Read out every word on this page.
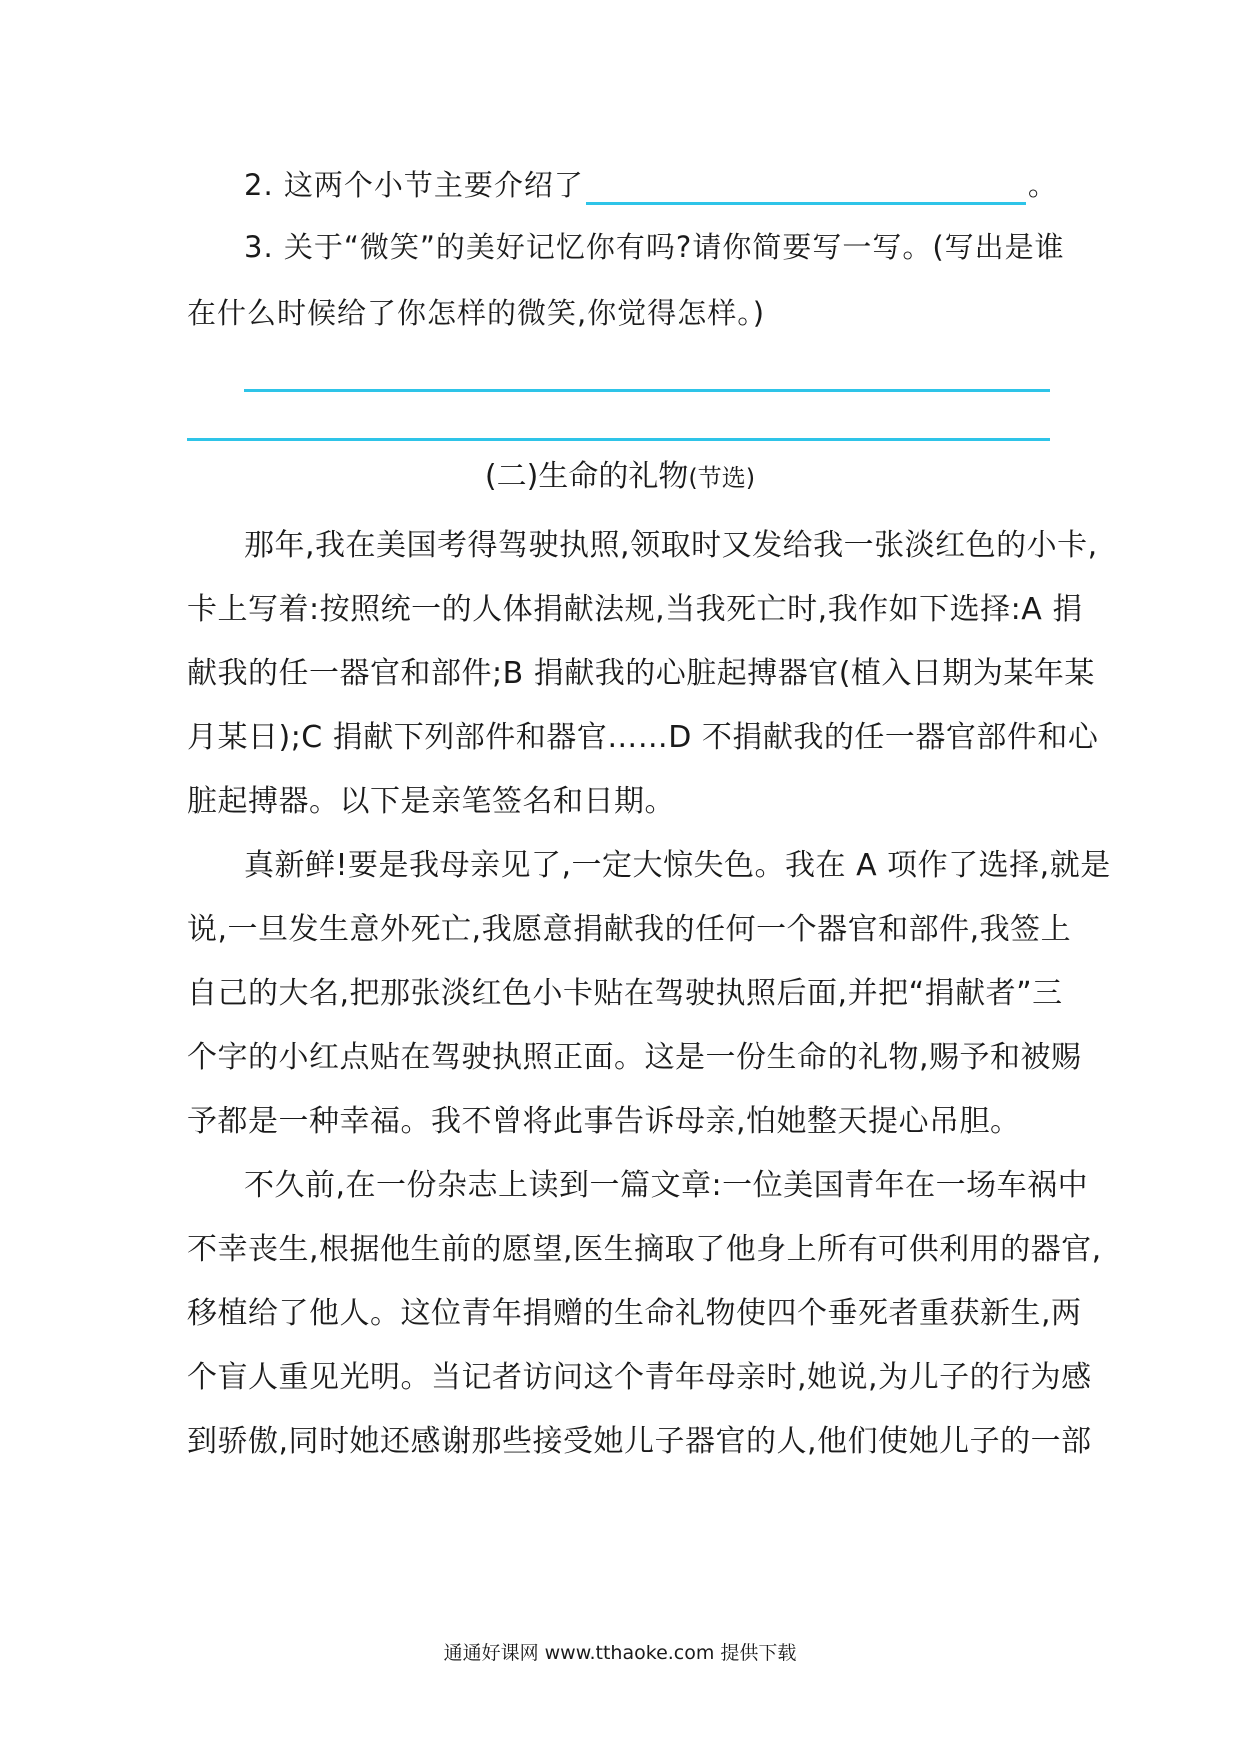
2. 这两个小节主要介绍了	。
3. 关于“微笑”的美好记忆你有吗?请你简要写一写。(写出是谁
在什么时候给了你怎样的微笑,你觉得怎样。)
(二)生命的礼物(节选)
那年,我在美国考得驾驶执照,领取时又发给我一张淡红色的小卡,
卡上写着:按照统一的人体捐献法规,当我死亡时,我作如下选择:A 捐
献我的任一器官和部件;B 捐献我的心脏起搏器官(植入日期为某年某
月某日);C 捐献下列部件和器官……D 不捐献我的任一器官部件和心
脏起搏器。以下是亲笔签名和日期。
真新鲜!要是我母亲见了,一定大惊失色。我在 A 项作了选择,就是
说,一旦发生意外死亡,我愿意捐献我的任何一个器官和部件,我签上
自己的大名,把那张淡红色小卡贴在驾驶执照后面,并把“捐献者”三
个字的小红点贴在驾驶执照正面。这是一份生命的礼物,赐予和被赐
予都是一种幸福。我不曾将此事告诉母亲,怕她整天提心吊胆。
不久前,在一份杂志上读到一篇文章:一位美国青年在一场车祸中
不幸丧生,根据他生前的愿望,医生摘取了他身上所有可供利用的器官,
移植给了他人。这位青年捐赠的生命礼物使四个垂死者重获新生,两
个盲人重见光明。当记者访问这个青年母亲时,她说,为儿子的行为感
到骄傲,同时她还感谢那些接受她儿子器官的人,他们使她儿子的一部
通通好课网 www.tthaoke.com 提供下载
